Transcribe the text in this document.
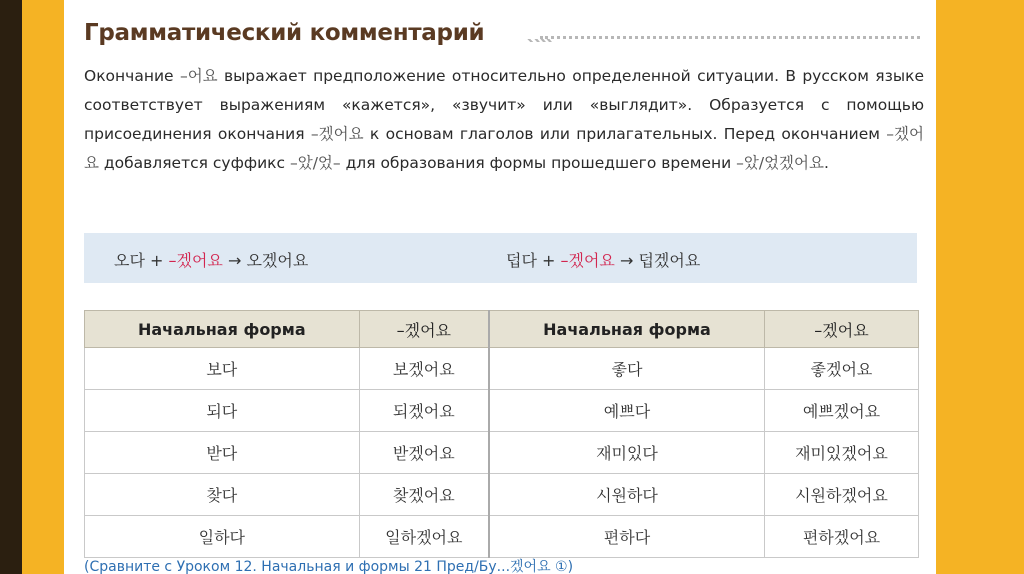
Грамматический комментарий
Окончание –어요 выражает предположение относительно определенной ситуации. В русском языке соответствует выражениям «кажется», «звучит» или «выглядит». Образуется с помощью присоединения окончания –겠어요 к основам глаголов или прилагательных. Перед окончанием –겠어요 добавляется суффикс –았/었– для образования формы прошедшего времени –았/었겠어요.
오다 + –겠어요 → 오겠어요	덥다 + –겠어요 → 덥겠어요
Начальная форма	–겠어요	Начальная форма	–겠어요
보다	보겠어요	좋다	좋겠어요
되다	되겠어요	예쁘다	예쁘겠어요
받다	받겠어요	재미있다	재미있겠어요
찾다	찾겠어요	시원하다	시원하겠어요
일하다	일하겠어요	편하다	편하겠어요
(Сравните с Уроком 12. Начальная и формы 21 Пред/Бу...겠어요 ①)
